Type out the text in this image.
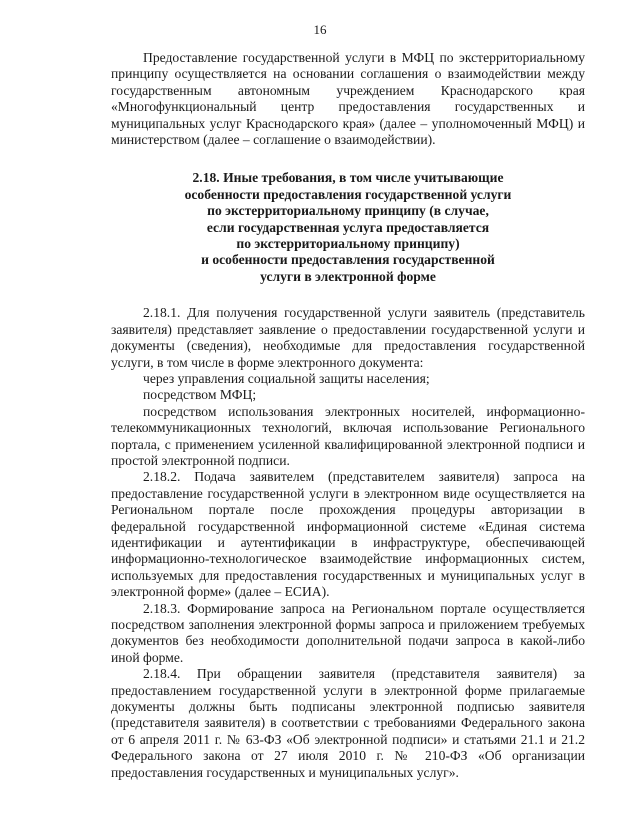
16

Предоставление государственной услуги в МФЦ по экстерриториальному принципу осуществляется на основании соглашения о взаимодействии между государственным автономным учреждением Краснодарского края «Многофункциональный центр предоставления государственных и муниципальных услуг Краснодарского края» (далее – уполномоченный МФЦ) и министерством (далее – соглашение о взаимодействии).

2.18. Иные требования, в том числе учитывающие
особенности предоставления государственной услуги
по экстерриториальному принципу (в случае,
если государственная услуга предоставляется
по экстерриториальному принципу)
и особенности предоставления государственной
услуги в электронной форме

2.18.1. Для получения государственной услуги заявитель (представитель заявителя) представляет заявление о предоставлении государственной услуги и документы (сведения), необходимые для предоставления государственной услуги, в том числе в форме электронного документа:

через управления социальной защиты населения;

посредством МФЦ;

посредством использования электронных носителей, информационно-телекоммуникационных технологий, включая использование Регионального портала, с применением усиленной квалифицированной электронной подписи и простой электронной подписи.

2.18.2. Подача заявителем (представителем заявителя) запроса на предоставление государственной услуги в электронном виде осуществляется на Региональном портале после прохождения процедуры авторизации в федеральной государственной информационной системе «Единая система идентификации и аутентификации в инфраструктуре, обеспечивающей информационно-технологическое взаимодействие информационных систем, используемых для предоставления государственных и муниципальных услуг в электронной форме» (далее – ЕСИА).

2.18.3. Формирование запроса на Региональном портале осуществляется посредством заполнения электронной формы запроса и приложением требуемых документов без необходимости дополнительной подачи запроса в какой-либо иной форме.

2.18.4. При обращении заявителя (представителя заявителя) за предоставлением государственной услуги в электронной форме прилагаемые документы должны быть подписаны электронной подписью заявителя (представителя заявителя) в соответствии с требованиями Федерального закона от 6 апреля 2011 г. № 63-ФЗ «Об электронной подписи» и статьями 21.1 и 21.2 Федерального закона от 27 июля 2010 г. № 210-ФЗ «Об организации предоставления государственных и муниципальных услуг».
